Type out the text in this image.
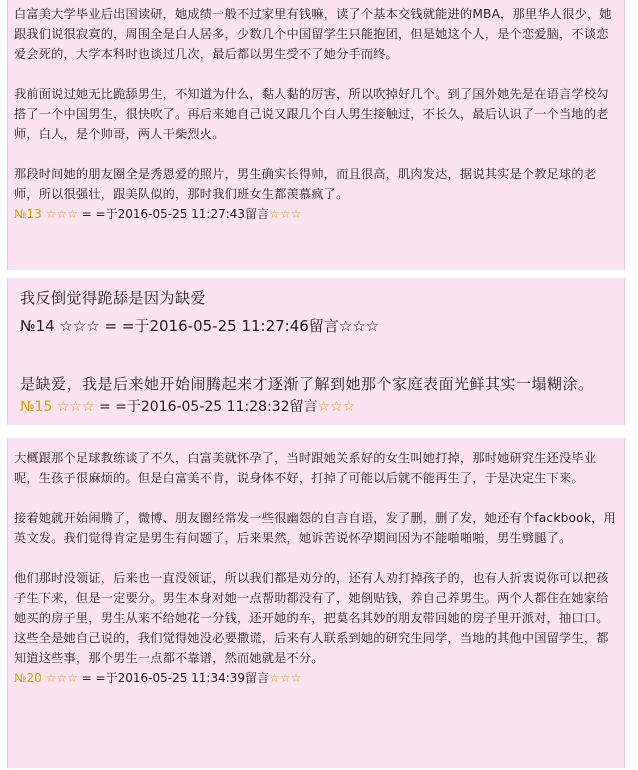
白富美大学毕业后出国读研，她成绩一般不过家里有钱嘛，读了个基本交钱就能进的MBA，那里华人很少，她跟我们说很寂寞的，周围全是白人居多，少数几个中国留学生只能抱团，但是她这个人，是个恋爱脑，不谈恋爱会死的，大学本科时也谈过几次，最后都以男生受不了她分手而终。

我前面说过她无比跪舔男生，不知道为什么，黏人黏的厉害，所以吹掉好几个。到了国外她先是在语言学校勾搭了一个中国男生，很快吹了。再后来她自己说又跟几个白人男生接触过，不长久，最后认识了一个当地的老师，白人，是个帅哥，两人干柴烈火。

那段时间她的朋友圈全是秀恩爱的照片，男生确实长得帅，而且很高，肌肉发达，据说其实是个教足球的老师，所以很强壮，跟美队似的，那时我们班女生都羡慕疯了。

№13 ☆☆☆ = =于2016-05-25 11:27:43留言☆☆☆

我反倒觉得跪舔是因为缺爱

№14 ☆☆☆ = =于2016-05-25 11:27:46留言☆☆☆

是缺爱，我是后来她开始闹腾起来才逐渐了解到她那个家庭表面光鲜其实一塌糊涂。

№15 ☆☆☆ = =于2016-05-25 11:28:32留言☆☆☆

大概跟那个足球教练谈了不久，白富美就怀孕了，当时跟她关系好的女生叫她打掉，那时她研究生还没毕业呢，生孩子很麻烦的。但是白富美不肯，说身体不好，打掉了可能以后就不能再生了，于是决定生下来。

接着她就开始闹腾了，微博、朋友圈经常发一些很幽怨的自言自语，发了删，删了发，她还有个fackbook，用英文发。我们觉得肯定是男生有问题了，后来果然，她诉苦说怀孕期间因为不能啪啪啪，男生劈腿了。

他们那时没领证，后来也一直没领证，所以我们都是劝分的，还有人劝打掉孩子的，也有人折衷说你可以把孩子生下来，但是一定要分。男生本身对她一点帮助都没有了，她倒贴钱，养自己养男生。两个人都住在她家给她买的房子里，男生从来不给她花一分钱，还开她的车，把莫名其妙的朋友带回她的房子里开派对，抽口口。这些全是她自己说的，我们觉得她没必要撒谎，后来有人联系到她的研究生同学，当地的其他中国留学生，都知道这些事，那个男生一点都不靠谱，然而她就是不分。

№20 ☆☆☆ = =于2016-05-25 11:34:39留言☆☆☆
